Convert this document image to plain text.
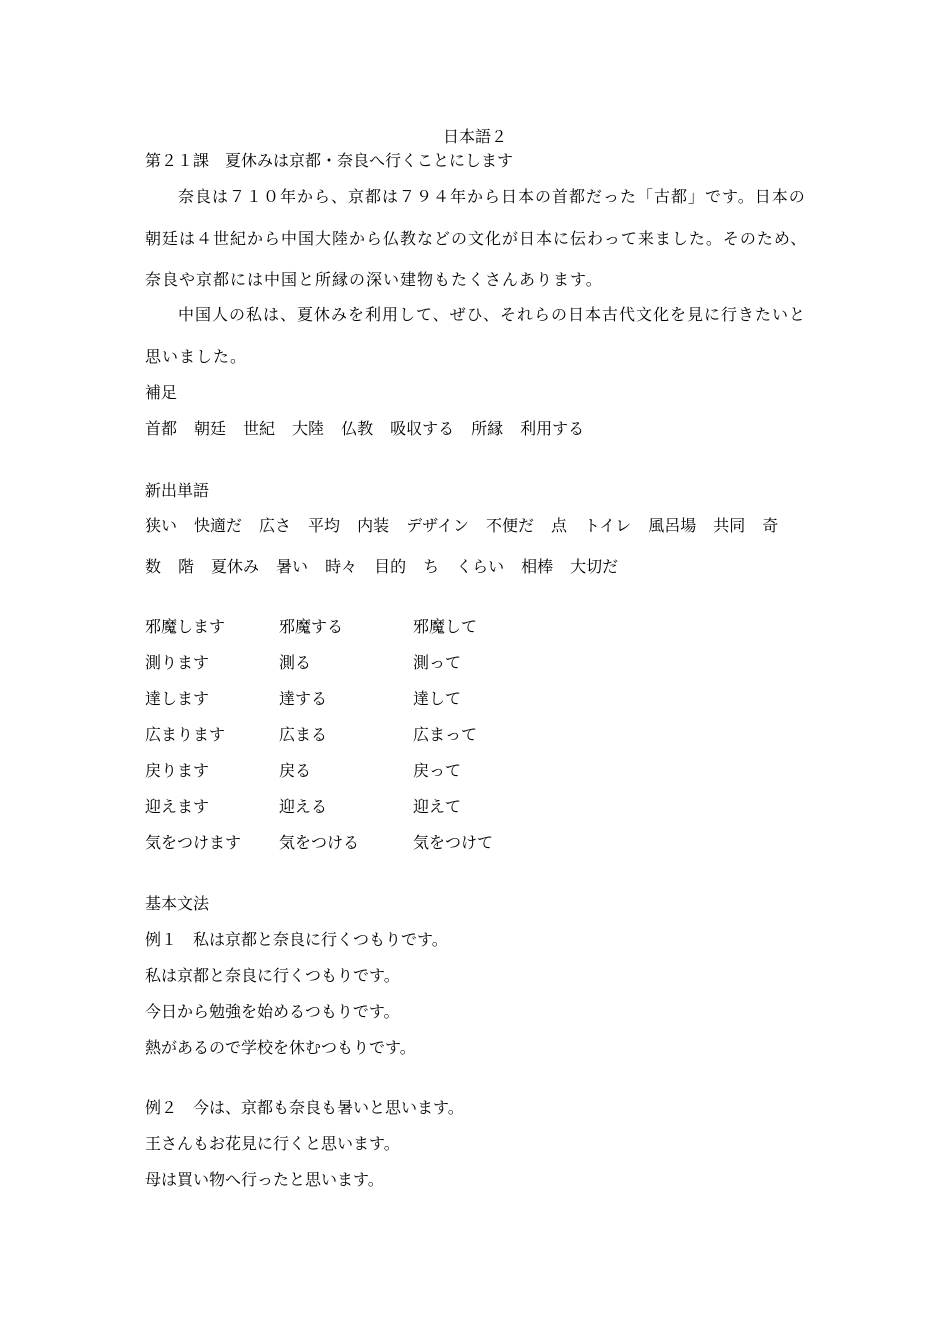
日本語２
第２１課　夏休みは京都・奈良へ行くことにします
奈良は７１０年から、京都は７９４年から日本の首都だった「古都」です。日本の
朝廷は４世紀から中国大陸から仏教などの文化が日本に伝わって来ました。そのため、
奈良や京都には中国と所縁の深い建物もたくさんあります。
中国人の私は、夏休みを利用して、ぜひ、それらの日本古代文化を見に行きたいと
思いました。
補足
首都 朝廷 世紀 大陸 仏教 吸収する 所縁 利用する
新出単語
狭い 快適だ 広さ 平均 内装 デザイン 不便だ 点 トイレ 風呂場 共同 奇
数 階 夏休み 暑い 時々 目的 ち くらい 相棒 大切だ
邪魔します	邪魔する	邪魔して
測ります	測る	測って
達します	達する	達して
広まります	広まる	広まって
戻ります	戻る	戻って
迎えます	迎える	迎えて
気をつけます 気をつける	気をつけて
基本文法
例１　私は京都と奈良に行くつもりです。
私は京都と奈良に行くつもりです。
今日から勉強を始めるつもりです。
熱があるので学校を休むつもりです。
例２　今は、京都も奈良も暑いと思います。
王さんもお花見に行くと思います。
母は買い物へ行ったと思います。
